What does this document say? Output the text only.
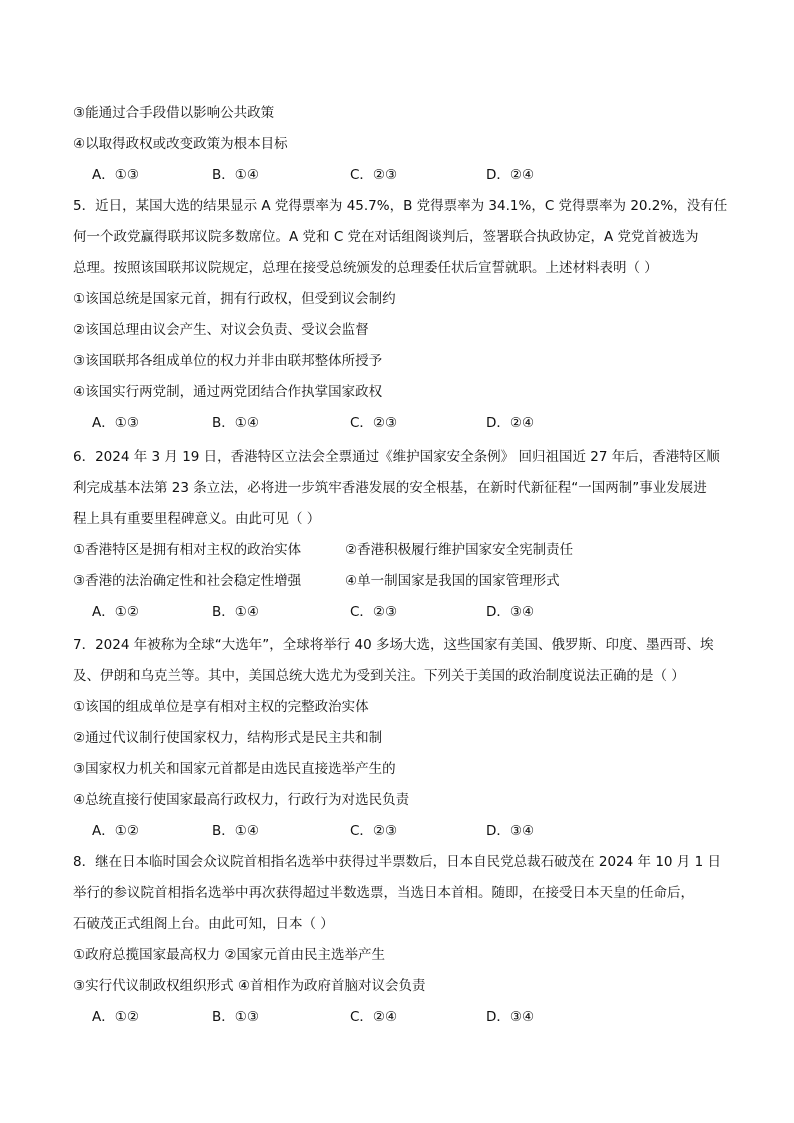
③能通过合手段借以影响公共政策
④以取得政权或改变政策为根本目标
A．①③	B．①④	C．②③	D．②④
5．近日，某国大选的结果显示 A 党得票率为 45.7%，B 党得票率为 34.1%，C 党得票率为 20.2%，没有任
何一个政党赢得联邦议院多数席位。A 党和 C 党在对话组阁谈判后，签署联合执政协定，A 党党首被选为
总理。按照该国联邦议院规定，总理在接受总统颁发的总理委任状后宣誓就职。上述材料表明（ ）
①该国总统是国家元首，拥有行政权，但受到议会制约
②该国总理由议会产生、对议会负责、受议会监督
③该国联邦各组成单位的权力并非由联邦整体所授予
④该国实行两党制，通过两党团结合作执掌国家政权
A．①③	B．①④	C．②③	D．②④
6．2024 年 3 月 19 日，香港特区立法会全票通过《维护国家安全条例》 回归祖国近 27 年后，香港特区顺
利完成基本法第 23 条立法，必将进一步筑牢香港发展的安全根基，在新时代新征程“一国两制”事业发展进
程上具有重要里程碑意义。由此可见（ ）
①香港特区是拥有相对主权的政治实体	②香港积极履行维护国家安全宪制责任
③香港的法治确定性和社会稳定性增强	④单一制国家是我国的国家管理形式
A．①②	B．①④	C．②③	D．③④
7．2024 年被称为全球“大选年”，全球将举行 40 多场大选，这些国家有美国、俄罗斯、印度、墨西哥、埃
及、伊朗和乌克兰等。其中，美国总统大选尤为受到关注。下列关于美国的政治制度说法正确的是（ ）
①该国的组成单位是享有相对主权的完整政治实体
②通过代议制行使国家权力，结构形式是民主共和制
③国家权力机关和国家元首都是由选民直接选举产生的
④总统直接行使国家最高行政权力，行政行为对选民负责
A．①②	B．①④	C．②③	D．③④
8．继在日本临时国会众议院首相指名选举中获得过半票数后，日本自民党总裁石破茂在 2024 年 10 月 1 日
举行的参议院首相指名选举中再次获得超过半数选票，当选日本首相。随即，在接受日本天皇的任命后，
石破茂正式组阁上台。由此可知，日本（ ）
①政府总揽国家最高权力 ②国家元首由民主选举产生
③实行代议制政权组织形式 ④首相作为政府首脑对议会负责
A．①②	B．①③	C．②④	D．③④
